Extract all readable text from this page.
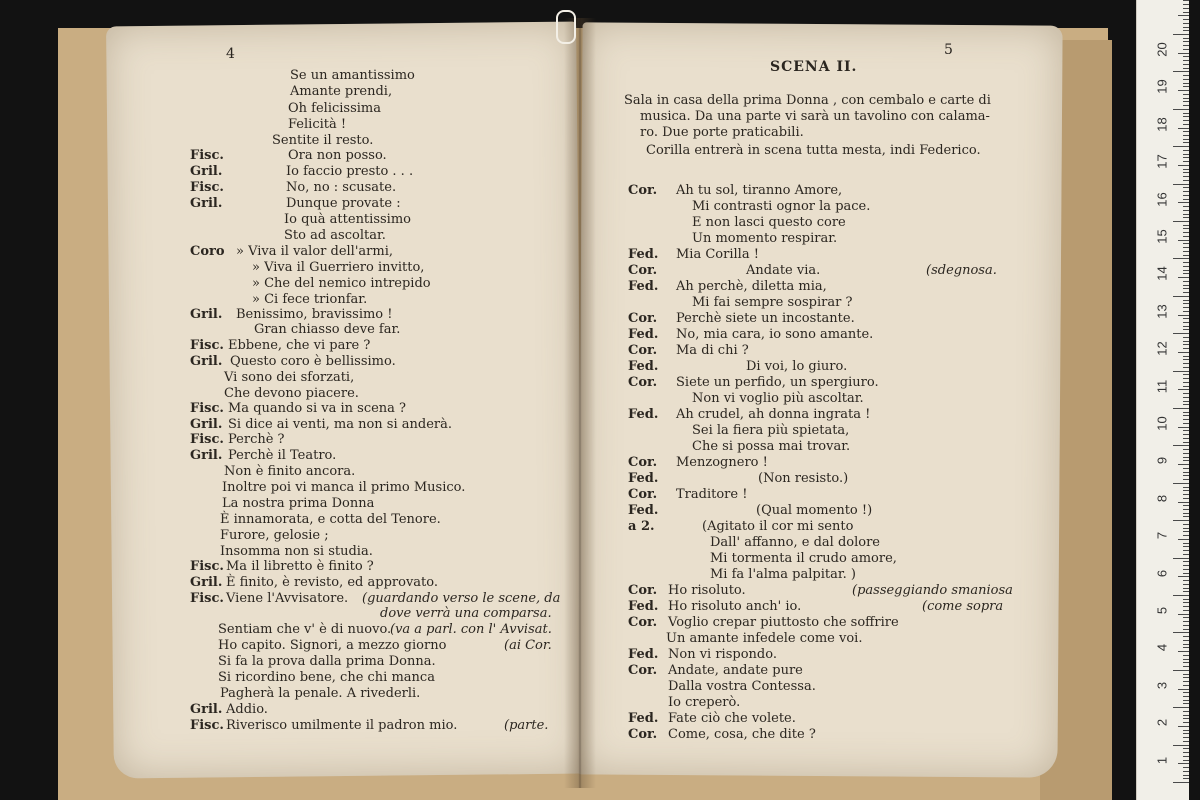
4	5
SCENA II.
Se un amantissimo
Amante prendi,
Oh felicissima
Felicità !
Sentite il resto.
Fisc.	Ora non posso.
Gril.	Io faccio presto . . .
Fisc.	No, no : scusate.
Gril.	Dunque provate :
Io quà attentissimo
Sto ad ascoltar.
Coro » Viva il valor dell'armi,
» Viva il Guerriero invitto,
» Che del nemico intrepido
» Ci fece trionfar.
Gril. Benissimo, bravissimo !
Gran chiasso deve far.
Fisc. Ebbene, che vi pare ?
Gril. Questo coro è bellissimo.
Vi sono dei sforzati,
Che devono piacere.
Fisc. Ma quando si va in scena ?
Gril. Si dice ai venti, ma non si anderà.
Fisc. Perchè ?
Gril. Perchè il Teatro.
Non è finito ancora.
Inoltre poi vi manca il primo Musico.
La nostra prima Donna
È innamorata, e cotta del Tenore.
Furore, gelosie ;
Insomma non si studia.
Fisc. Ma il libretto è finito ?
Gril. È finito, è revisto, ed approvato.
Fisc. Viene l'Avvisatore. (guardando verso le scene, da
dove verrà una comparsa.
Sentiam che v' è di nuovo.
(va a parl. con l' Avvisat.
Ho capito. Signori, a mezzo giorno	(ai Cor.
Si fa la prova dalla prima Donna.
Si ricordino bene, che chi manca
Pagherà la penale. A rivederli.
Gril. Addio.
Fisc. Riverisco umilmente il padron mio.	(parte.
Sala in casa della prima Donna , con cembalo e carte di
musica. Da una parte vi sarà un tavolino con calama-
ro. Due porte praticabili.
Corilla entrerà in scena tutta mesta, indi Federico.
Cor. Ah tu sol, tiranno Amore,
Mi contrasti ognor la pace.
E non lasci questo core
Un momento respirar.
Fed. Mia Corilla !
Cor.	Andate via.	(sdegnosa.
Fed. Ah perchè, diletta mia,
Mi fai sempre sospirar ?
Cor. Perchè siete un incostante.
Fed. No, mia cara, io sono amante.
Cor. Ma di chi ?
Fed.	Di voi, lo giuro.
Cor. Siete un perfido, un spergiuro.
Non vi voglio più ascoltar.
Fed. Ah crudel, ah donna ingrata !
Sei la fiera più spietata,
Che si possa mai trovar.
Cor. Menzognero !
Fed.	(Non resisto.)
Cor. Traditore !
Fed.	(Qual momento !)
a 2.	(Agitato il cor mi sento
Dall' affanno, e dal dolore
Mi tormenta il crudo amore,
Mi fa l'alma palpitar. )
Cor. Ho risoluto.	(passeggiando smaniosa
Fed. Ho risoluto anch' io.	(come sopra
Cor. Voglio crepar piuttosto che soffrire
Un amante infedele come voi.
Fed. Non vi rispondo.
Cor. Andate, andate pure
Dalla vostra Contessa.
Io creperò.
Fed. Fate ciò che volete.
Cor. Come, cosa, che dite ?
1
2
3
4
5
6
7
8
9
10
11
12
13
14
15
16
17
18
19
20
